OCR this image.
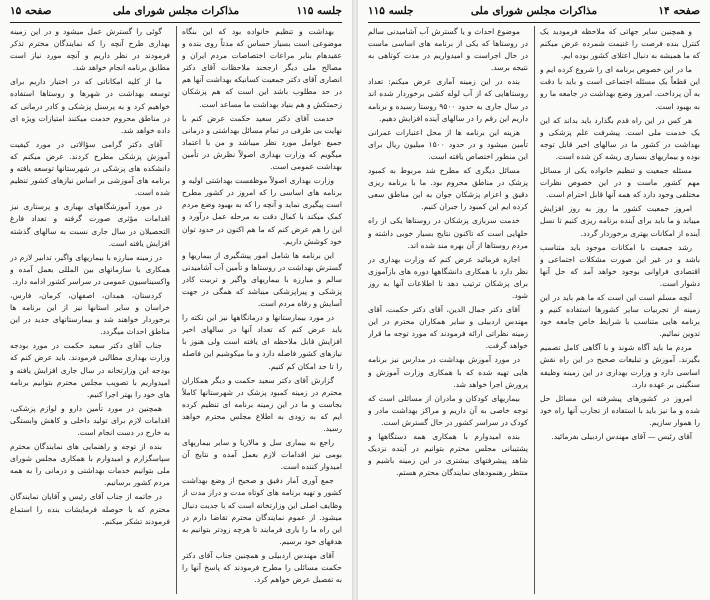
صفحه ۱۵	مذاکرات مجلس شورای ملی	جلسه ۱۱۵

بهداشت و تنظیم خانواده بود که این بنگاه موضوعی است بسیار حساس که مدتاً روی بنده و عقیدهام بنابر مراعات اختصاصات مردم ایران و مصالح ملی دیگر ارجحند ملاحظات آقای دکتر انصاری آقای دکتر جمعیت کسانیکه بهداشت آنها هم در حد مطلوب باشد این است که هم پزشکان زحمتکش و هم بنیاد بهداشت ما مساعد است.

خدمت آقای دکتر سعید حکمت عرض کنم با نهایت بی طرفی در تمام مسائل بهداشتی و درمانی جمیع عوامل مورد نظر میباشد و من با اعتماد میگویم که وزارت بهداری اصولاً نظرش در تأمین بهداشت عمومی است.

وزارت بهداری اصولاً موظفست بهداشتی اولیه و برنامه های اساسی را که امروز در کشور مطرح است پیگیری نماید و آنچه را که به بهبود وضع مردم کمک میکند با کمال دقت به مرحله عمل درآورد و این را هم عرض کنم که ما هم اکنون در حدود توان خود کوشش داریم.

این برنامه ها شامل امور پیشگیری از بیماریها و گسترش بهداشت در روستاها و تأمین آب آشامیدنی سالم و مبارزه با بیماریهای واگیر و تربیت کادر پزشکی و پیراپزشکی میباشد که همگی در جهت آسایش و رفاه مردم است.

در مورد بیمارستانها و درمانگاهها نیز این نکته را باید عرض کنم که تعداد آنها در سالهای اخیر افزایش قابل ملاحظه ای یافته است ولی هنوز با نیازهای کشور فاصله دارد و ما میکوشیم این فاصله را تا حد امکان کم کنیم.

گزارش آقای دکتر سعید حکمت و دیگر همکاران محترم در زمینه کمبود پزشک در شهرستانها کاملاً بجاست و ما در این زمینه برنامه ای تنظیم کرده ایم که به زودی به اطلاع مجلس محترم خواهد رسید.

راجع به بیماری سل و مالاریا و سایر بیماریهای بومی نیز اقدامات لازم بعمل آمده و نتایج آن امیدوار کننده است.

جمع آوری آمار دقیق و صحیح از وضع بهداشت کشور و تهیه برنامه های کوتاه مدت و دراز مدت از وظایف اصلی این وزارتخانه است که با جدیت دنبال میشود. از عموم نمایندگان محترم تقاضا دارم در این راه ما را یاری فرمایند تا هرچه زودتر بتوانیم به هدفهای خود برسیم.

آقای مهندس اردبیلی و همچنین جناب آقای دکتر حکمت مسائلی را مطرح فرمودند که پاسخ آنها را به تفصیل عرض خواهم کرد.

گوئی را گسترش عمل میشود و در این زمینه بهداری طرح آنچه را که نمایندگان محترم تذکر فرمودند در نظر داریم و آنچه مورد نیاز است مطابق برنامه انجام خواهد شد.

ما از کلیه امکاناتی که در اختیار داریم برای توسعه بهداشت در شهرها و روستاها استفاده خواهیم کرد و به پرسنل پزشکی و کادر درمانی که در مناطق محروم خدمت میکنند امتیازات ویژه ای داده خواهد شد.

آقای دکتر گرامی سؤالاتی در مورد کیفیت آموزش پزشکی مطرح کردند. عرض میکنم که دانشکده های پزشکی در شهرستانها توسعه یافته و برنامه های آموزشی بر اساس نیازهای کشور تنظیم شده است.

در مورد آموزشگاههای بهیاری و پرستاری نیز اقدامات مؤثری صورت گرفته و تعداد فارغ التحصیلان در سال جاری نسبت به سالهای گذشته افزایش یافته است.

در زمینه مبارزه با بیماریهای واگیر، تدابیر لازم در همکاری با سازمانهای بین المللی بعمل آمده و واکسیناسیون عمومی در سراسر کشور ادامه دارد.

کردستان، همدان، اصفهان، کرمان، فارس، خراسان و سایر استانها نیز از این برنامه ها برخوردار خواهند شد و بیمارستانهای جدید در این مناطق احداث میگردد.

جناب آقای دکتر سعید حکمت در مورد بودجه وزارت بهداری مطالبی فرمودند. باید عرض کنم که بودجه این وزارتخانه در سال جاری افزایش یافته و امیدواریم با تصویب مجلس محترم بتوانیم برنامه های خود را بهتر اجرا کنیم.

همچنین در مورد تأمین دارو و لوازم پزشکی، اقدامات لازم برای تولید داخلی و کاهش وابستگی به خارج در دست انجام است.

بنده از توجه و راهنمایی های نمایندگان محترم سپاسگزارم و امیدوارم با همکاری مجلس شورای ملی بتوانیم خدمات بهداشتی و درمانی را به همه مردم کشور برسانیم.

در خاتمه از جناب آقای رئیس و آقایان نمایندگان محترم که با حوصله فرمایشات بنده را استماع فرمودند تشکر میکنم.

جلسه ۱۱۵	مذاکرات مجلس شورای ملی	صفحه ۱۴

و همچنین سایر جهاتی که ملاحظه فرمودید یک کنترل بنده فرصت را غنیمت شمرده عرض میکنم که ما همیشه به دنبال اعتلای کشور بوده ایم.

ما در این خصوص برنامه ای را شروع کرده ایم و این قطعاً یک مسئله اجتماعی است و باید با دقت به آن پرداخت. امروز وضع بهداشت در جامعه ما رو به بهبود است.

هر کس در این راه قدم بگذارد باید بداند که این یک خدمت ملی است. پیشرفت علم پزشکی و بهداشت در کشور ما در سالهای اخیر قابل توجه بوده و بیماریهای بسیاری ریشه کن شده است.

مسئله جمعیت و تنظیم خانواده یکی از مسائل مهم کشور ماست و در این خصوص نظرات مختلفی وجود دارد که همه آنها قابل احترام است.

امروز جمعیت کشور ما روز به روز افزایش مییابد و ما باید برای آینده برنامه ریزی کنیم تا نسل آینده از امکانات بهتری برخوردار گردد.

رشد جمعیت با امکانات موجود باید متناسب باشد و در غیر این صورت مشکلات اجتماعی و اقتصادی فراوانی بوجود خواهد آمد که حل آنها دشوار است.

آنچه مسلم است این است که ما هم باید در این زمینه از تجربیات سایر کشورها استفاده کنیم و برنامه هایی متناسب با شرایط خاص جامعه خود تدوین نمائیم.

مردم ما باید آگاه شوند و با آگاهی کامل تصمیم بگیرند. آموزش و تبلیغات صحیح در این راه نقش اساسی دارد و وزارت بهداری در این زمینه وظیفه سنگینی بر عهده دارد.

امروز در کشورهای پیشرفته این مسائل حل شده و ما نیز باید با استفاده از تجارب آنها راه خود را هموار سازیم.

آقای رئیس — آقای مهندس اردبیلی بفرمائید.

موضوع احداث و یا گسترش آب آشامیدنی سالم در روستاها که یکی از برنامه های اساسی ماست در حال اجراست و امیدواریم در مدت کوتاهی به نتیجه برسد.

بنده در این زمینه آماری عرض میکنم: تعداد روستاهایی که از آب لوله کشی برخوردار شده اند در سال جاری به حدود ۹۵۰۰ روستا رسیده و برنامه داریم این رقم را در سالهای آینده افزایش دهیم.

هزینه این برنامه ها از محل اعتبارات عمرانی تأمین میشود و در حدود ۱۵۰۰ میلیون ریال برای این منظور اختصاص یافته است.

مسائل دیگری که مطرح شد مربوط به کمبود پزشک در مناطق محروم بود. ما با برنامه ریزی دقیق و اعزام پزشکان جوان به این مناطق سعی کرده ایم این کمبود را جبران کنیم.

خدمت سربازی پزشکان در روستاها یکی از راه حلهایی است که تاکنون نتایج بسیار خوبی داشته و مردم روستاها از آن بهره مند شده اند.

اجازه فرمائید عرض کنم که وزارت بهداری در نظر دارد با همکاری دانشگاهها دوره های بازآموزی برای پزشکان ترتیب دهد تا اطلاعات آنها به روز شود.

آقای دکتر جمال الدین، آقای دکتر حکمت، آقای مهندس اردبیلی و سایر همکاران محترم در این زمینه نظراتی ارائه فرمودند که مورد توجه ما قرار خواهد گرفت.

در مورد آموزش بهداشت در مدارس نیز برنامه هایی تهیه شده که با همکاری وزارت آموزش و پرورش اجرا خواهد شد.

بیماریهای کودکان و مادران از مسائلی است که توجه خاصی به آن داریم و مراکز بهداشت مادر و کودک در سراسر کشور در حال گسترش است.

بنده امیدوارم با همکاری همه دستگاهها و پشتیبانی مجلس محترم بتوانیم در آینده نزدیک شاهد پیشرفتهای بیشتری در این زمینه باشیم و منتظر رهنمودهای نمایندگان محترم هستم.
